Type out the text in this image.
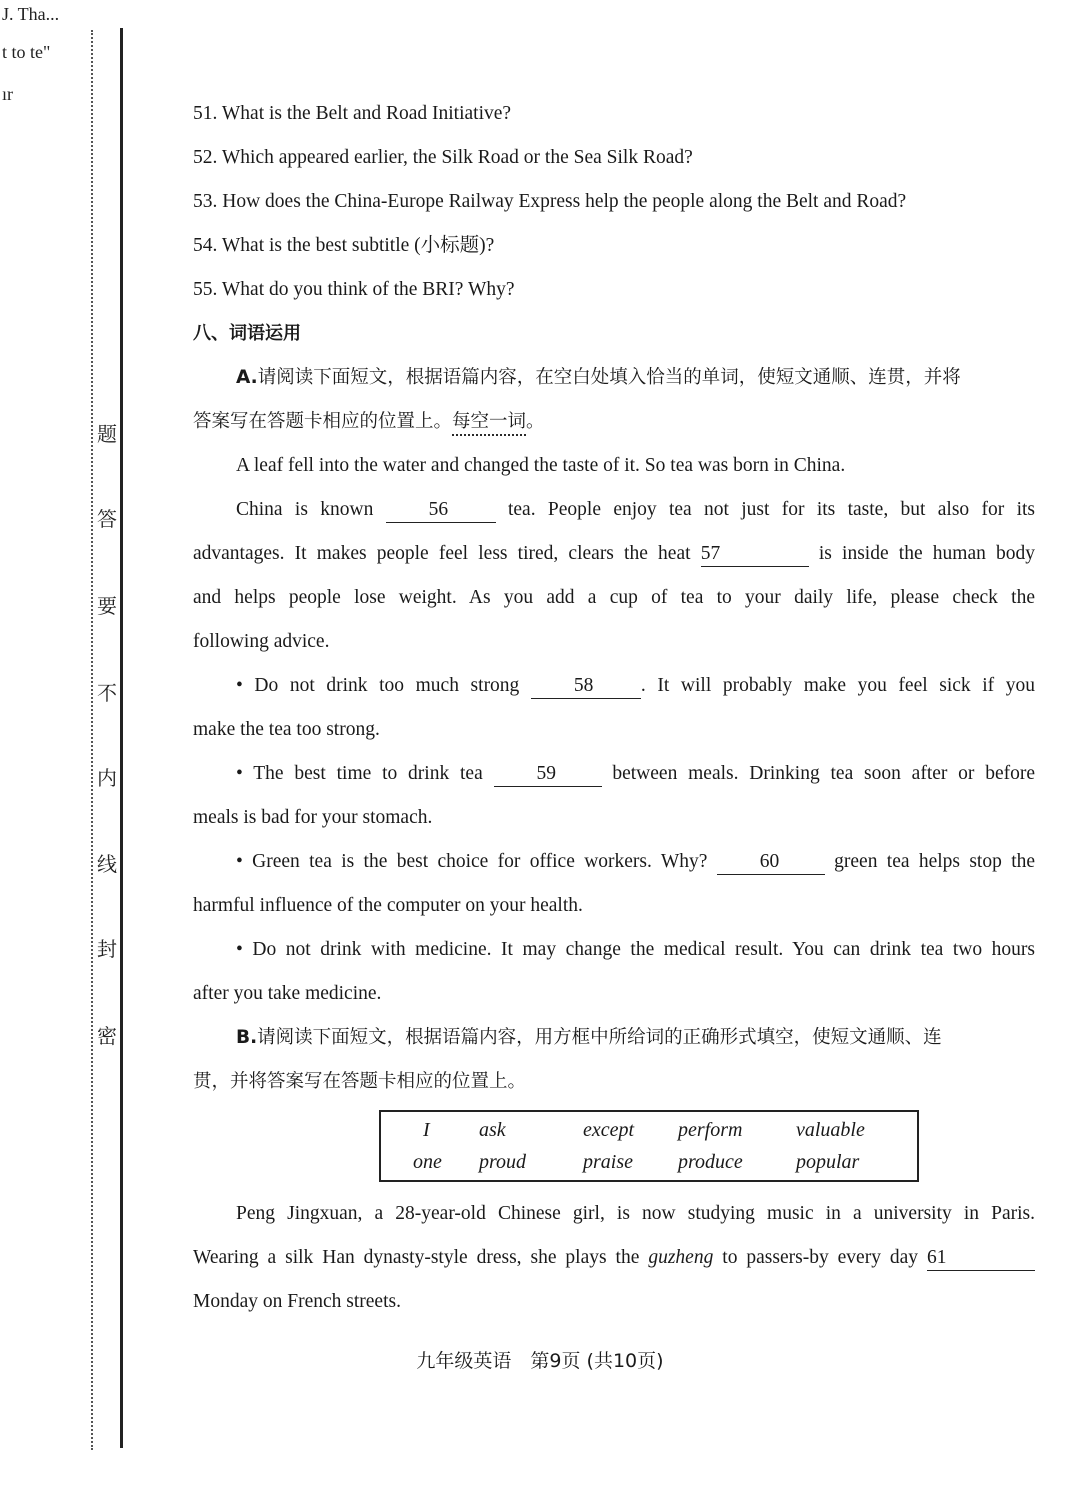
J. Tha...
t to te"
ır
题
答
要
不
内
线
封
密
51. What is the Belt and Road Initiative?
52. Which appeared earlier, the Silk Road or the Sea Silk Road?
53. How does the China-Europe Railway Express help the people along the Belt and Road?
54. What is the best subtitle (小标题)?
55. What do you think of the BRI? Why?
八、词语运用
A.请阅读下面短文，根据语篇内容，在空白处填入恰当的单词，使短文通顺、连贯，并将
答案写在答题卡相应的位置上。每空一词。
A leaf fell into the water and changed the taste of it. So tea was born in China.
China is known	56	tea. People enjoy tea not just for its taste, but also for its
advantages. It makes people feel less tired, clears the heat 57	is inside the human body
and helps people lose weight. As you add a cup of tea to your daily life, please check the
following advice.
• Do not drink too much strong	58 . It will probably make you feel sick if you
make the tea too strong.
• The best time to drink tea	59	between meals. Drinking tea soon after or before
meals is bad for your stomach.
• Green tea is the best choice for office workers. Why?	60	green tea helps stop the
harmful influence of the computer on your health.
• Do not drink with medicine. It may change the medical result. You can drink tea two hours
after you take medicine.
B.请阅读下面短文，根据语篇内容，用方框中所给词的正确形式填空，使短文通顺、连
贯，并将答案写在答题卡相应的位置上。
I	ask	except	perform	valuable
one	proud	praise	produce	popular
Peng Jingxuan, a 28-year-old Chinese girl, is now studying music in a university in Paris.
Wearing a silk Han dynasty-style dress, she plays the guzheng to passers-by every day 61
Monday on French streets.
九年级英语　第9页 (共10页)
